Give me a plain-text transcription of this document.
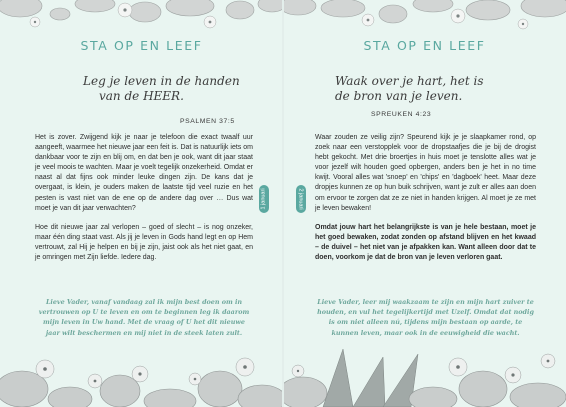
STA OP EN LEEF
Leg je leven in de handen
van de HEER.
PSALMEN 37:5

Het is zover. Zwijgend kijk je naar je telefoon die exact twaalf uur aangeeft, waarmee het nieuwe jaar een feit is. Dat is natuurlijk iets om dankbaar voor te zijn en blij om, en dat ben je ook, want dit jaar staat je veel moois te wachten. Maar je voelt tegelijk onzekerheid. Omdat er naast al dat fijns ook minder leuke dingen zijn. De kans dat je overgaat, is klein, je ouders maken de laatste tijd veel ruzie en het pesten is vast niet van de ene op de andere dag over … Dus wat moet je van dit jaar verwachten?

Hoe dit nieuwe jaar zal verlopen – goed of slecht – is nog onzeker, maar één ding staat vast. Als jij je leven in Gods hand legt en op Hem vertrouwt, zal Hij je helpen en bij je zijn, jaist ook als het niet gaat, en je omringen met Zijn liefde. Iedere dag.

Lieve Vader, vanaf vandaag zal ik mijn best doen om in vertrouwen op U te leven en om te beginnen leg ik daarom mijn leven in Uw hand. Met de vraag of U het dit nieuwe jaar wilt beschermen en mij niet in de steek laten zult.
1 januari
STA OP EN LEEF
Waak over je hart, het is
de bron van je leven.
SPREUKEN 4:23

Waar zouden ze veilig zijn? Speurend kijk je je slaapkamer rond, op zoek naar een verstopplek voor de dropstaafjes die je bij de drogist hebt gekocht. Met drie broertjes in huis moet je tenslotte alles wat je voor jezelf wilt houden goed opbergen, anders ben je het in no time kwijt. Vooral alles wat 'snoep' en 'chips' en 'dagboek' heet. Maar deze dropjes kunnen ze op hun buik schrijven, want je zult er alles aan doen om ervoor te zorgen dat ze ze niet in handen krijgen. Al moet je ze met je leven bewaken!

Omdat jouw hart het belangrijkste is van je hele bestaan, moet je het goed bewaken, zodat zonden op afstand blijven en het kwaad – de duivel – het niet van je afpakken kan. Want alleen door dat te doen, voorkom je dat de bron van je leven verloren gaat.

Lieve Vader, leer mij waakzaam te zijn en mijn hart zuiver te houden, en vul het tegelijkertijd met Uzelf. Omdat dat nodig is om niet alleen nú, tijdens mijn bestaan op aarde, te kunnen leven, maar ook in de eeuwigheid die wacht.
2 januari
